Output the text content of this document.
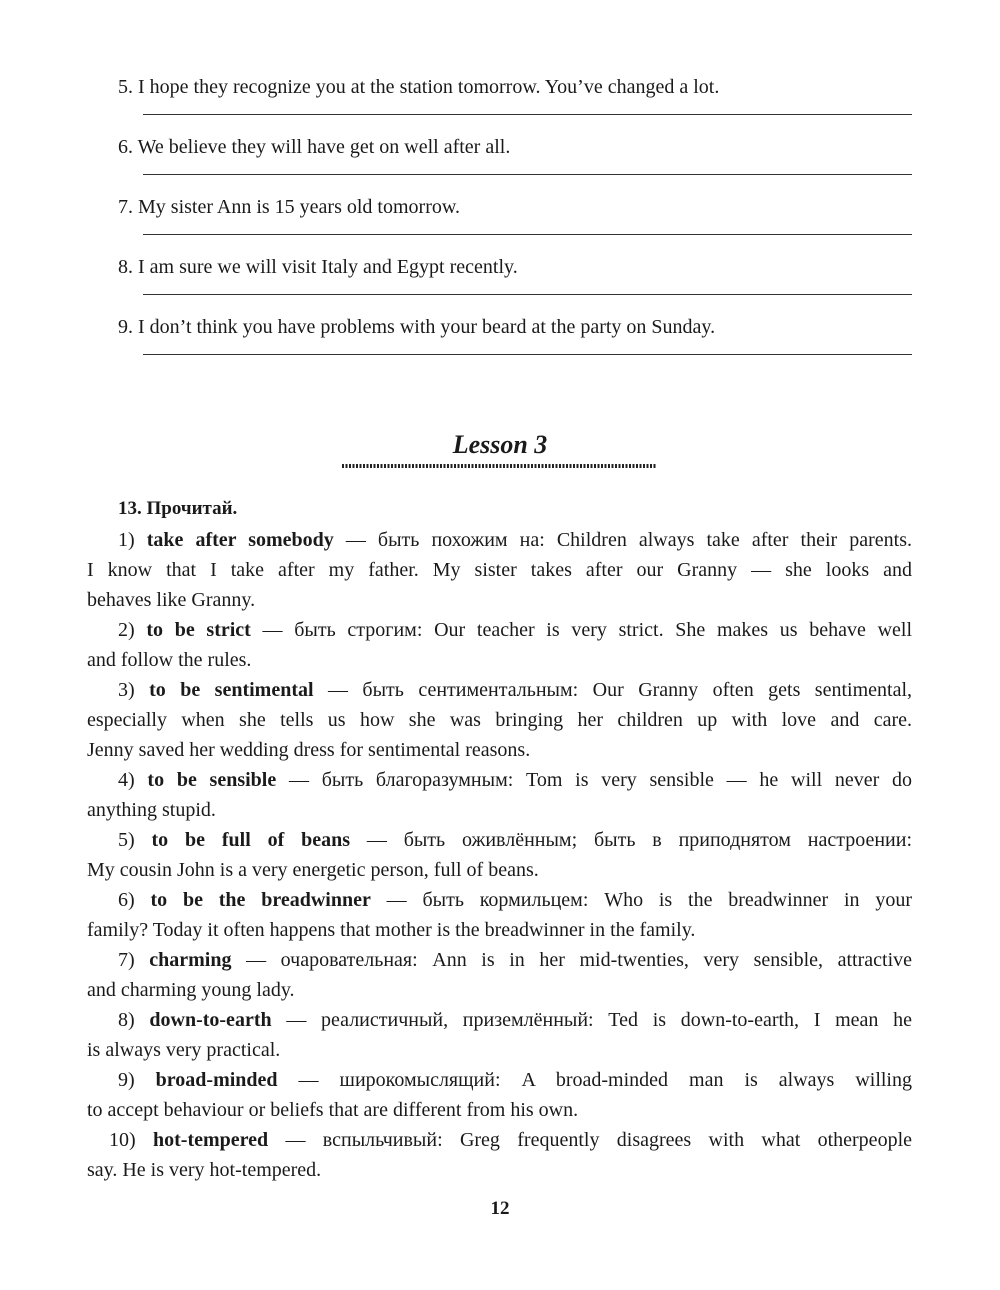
5. I hope they recognize you at the station tomorrow. You’ve changed a lot.
6. We believe they will have get on well after all.
7. My sister Ann is 15 years old tomorrow.
8. I am sure we will visit Italy and Egypt recently.
9. I don’t think you have problems with your beard at the party on Sunday.
Lesson 3
13. Прочитай.
1) take after somebody — быть похожим на: Children always take after their parents.
I know that I take after my father. My sister takes after our Granny — she looks and
behaves like Granny.
2) to be strict — быть строгим: Our teacher is very strict. She makes us behave well
and follow the rules.
3) to be sentimental — быть сентиментальным: Our Granny often gets sentimental,
especially when she tells us how she was bringing her children up with love and care.
Jenny saved her wedding dress for sentimental reasons.
4) to be sensible — быть благоразумным: Tom is very sensible — he will never do
anything stupid.
5) to be full of beans — быть оживлённым; быть в приподнятом настроении:
My cousin John is a very energetic person, full of beans.
6) to be the breadwinner — быть кормильцем: Who is the breadwinner in your
family? Today it often happens that mother is the breadwinner in the family.
7) charming — очаровательная: Ann is in her mid-twenties, very sensible, attractive
and charming young lady.
8) down-to-earth — реалистичный, приземлённый: Ted is down-to-earth, I mean he
is always very practical.
9) broad-minded — широкомыслящий: A broad-minded man is always willing
to accept behaviour or beliefs that are different from his own.
10) hot-tempered — вспыльчивый: Greg frequently disagrees with what otherpeople
say. He is very hot-tempered.
12
